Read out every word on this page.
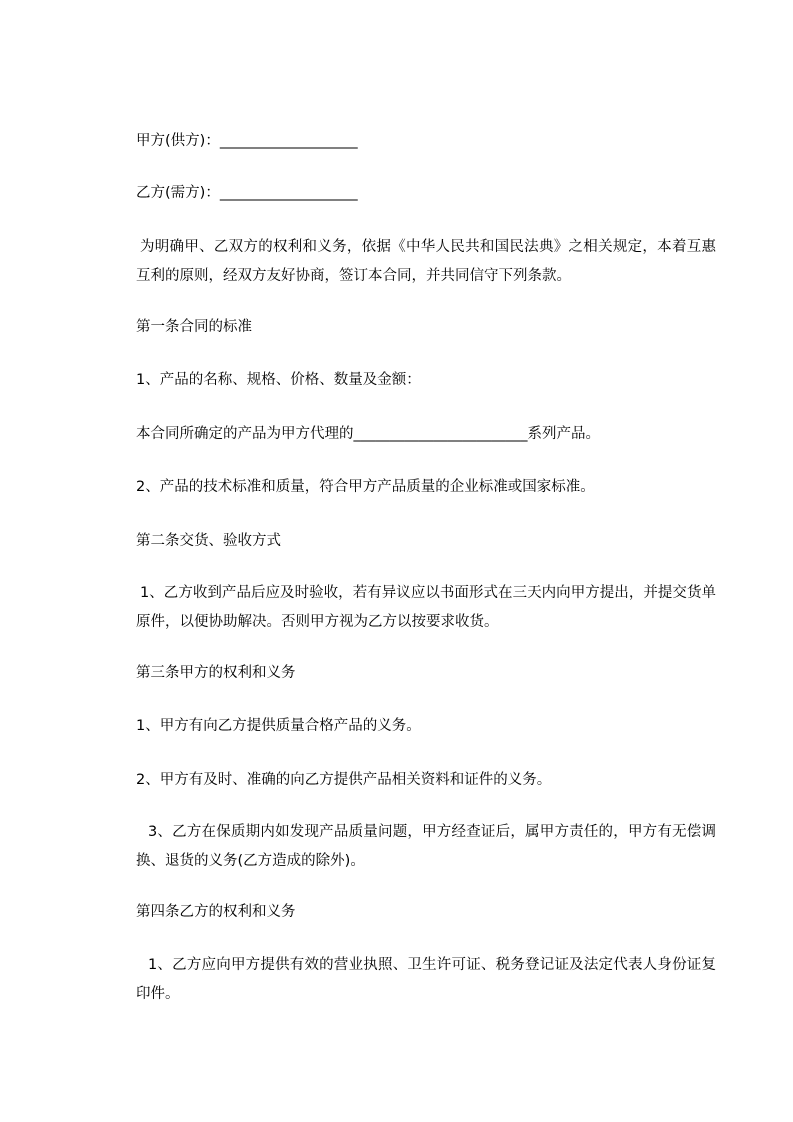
甲方(供方)：___________________

乙方(需方)：___________________

为明确甲、乙双方的权利和义务，依据《中华人民共和国民法典》之相关规定，本着互惠互利的原则，经双方友好协商，签订本合同，并共同信守下列条款。

第一条合同的标准

1、产品的名称、规格、价格、数量及金额：

本合同所确定的产品为甲方代理的________________________系列产品。

2、产品的技术标准和质量，符合甲方产品质量的企业标准或国家标准。

第二条交货、验收方式

1、乙方收到产品后应及时验收，若有异议应以书面形式在三天内向甲方提出，并提交货单原件，以便协助解决。否则甲方视为乙方以按要求收货。

第三条甲方的权利和义务

1、甲方有向乙方提供质量合格产品的义务。

2、甲方有及时、准确的向乙方提供产品相关资料和证件的义务。

3、乙方在保质期内如发现产品质量问题，甲方经查证后，属甲方责任的，甲方有无偿调换、退货的义务(乙方造成的除外)。

第四条乙方的权利和义务

1、乙方应向甲方提供有效的营业执照、卫生许可证、税务登记证及法定代表人身份证复印件。
